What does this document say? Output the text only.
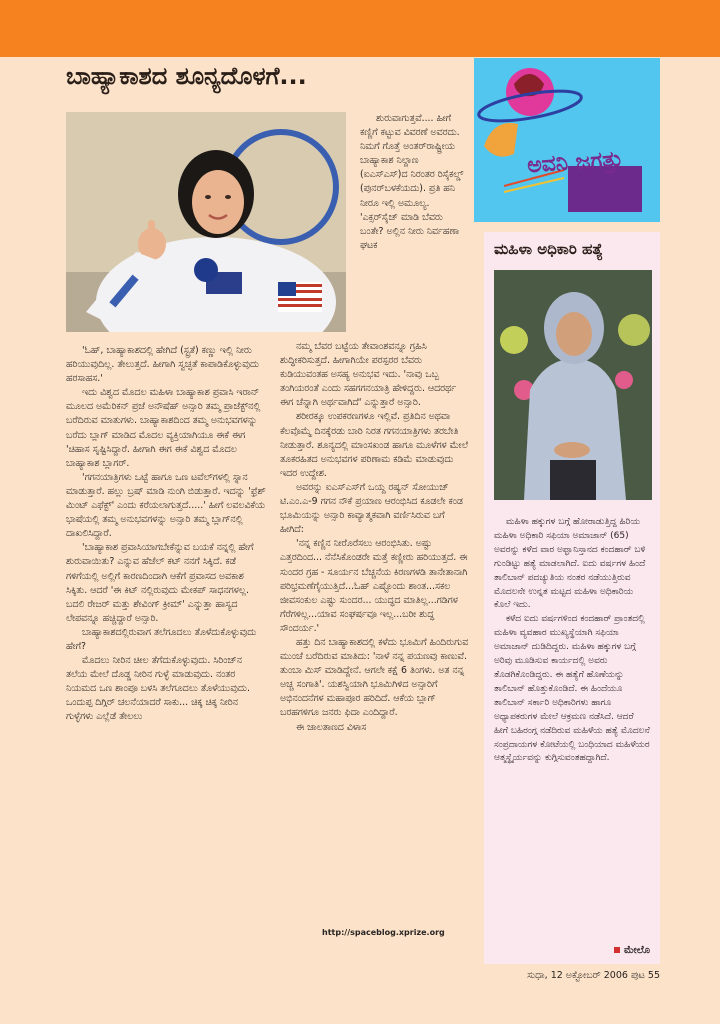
ಬಾಹ್ಯಾಕಾಶದ ಶೂನ್ಯದೊಳಗೆ...

'ಓಹ್, ಬಾಹ್ಯಾಕಾಶದಲ್ಲಿ ಹೇಗಿದೆ (ಸ್ಟ್ರತೆ) ಕಣ್ಣು ಇಲ್ಲಿ ನೀರು ಹರಿಯುವುದಿಲ್ಲ. ತೇಲುತ್ತದೆ. ಹೀಗಾಗಿ ಸ್ವಚ್ಛತೆ ಕಾಪಾಡಿಕೊಳ್ಳುವುದು ಹರಸಾಹಸ.'

ಇದು ವಿಶ್ವದ ಮೊದಲ ಮಹಿಳಾ ಬಾಹ್ಯಾಕಾಶ ಪ್ರವಾಸಿ ಇರಾನ್ ಮೂಲದ ಅಮೆರಿಕನ್ ಪ್ರಜೆ ಅನೌಷೆಹ್ ಅನ್ಸಾರಿ ತಮ್ಮ ಪ್ರಾಜೆಕ್ಟ್‌ನಲ್ಲಿ ಬರೆದಿರುವ ಮಾತುಗಳು. ಬಾಹ್ಯಾಕಾಶದಿಂದ ತಮ್ಮ ಅನುಭವಗಳನ್ನು ಬರೆದು ಬ್ಲಾಗ್ ಮಾಡಿದ ಮೊದಲ ವ್ಯಕ್ತಿಯಾಗಿಯೂ ಈಕೆ ಈಗ 'ಚಿಹಾಸ ಸೃಷ್ಟಿಸಿದ್ದಾರೆ. ಹೀಗಾಗಿ ಈಗ ಈಕೆ ವಿಶ್ವದ ಮೊದಲ ಬಾಹ್ಯಾಕಾಶ ಬ್ಲಾಗರ್.

'ಗಗನಯಾತ್ರಿಗಳು ಒಟ್ಟೆ ಹಾಗೂ ಒಣ ಟವೆಲ್‌ಗಳಲ್ಲಿ ಸ್ನಾನ ಮಾಡುತ್ತಾರೆ. ಹಲ್ಲು ಬ್ರಷ್ ಮಾಡಿ ನುಂಗಿ ಬಿಡುತ್ತಾರೆ. ಇದನ್ನು 'ಫ್ರೆಶ್ ಮಿಂಟ್ ಎಫೆಕ್ಟ್' ಎಂದು ಕರೆಯಲಾಗುತ್ತದೆ.....' ಹೀಗೆ ಲವಲವಿಕೆಯ ಭಾಷೆಯಲ್ಲಿ ತಮ್ಮ ಅನುಭವಗಳನ್ನು ಅನ್ಸಾರಿ ತಮ್ಮ ಬ್ಲಾಗ್‌ನಲ್ಲಿ ದಾಖಲಿಸಿದ್ದಾರೆ.

'ಬಾಹ್ಯಾಕಾಶ ಪ್ರವಾಸಿಯಾಗಬೇಕೆನ್ನುವ ಬಯಕೆ ನನ್ನಲ್ಲಿ ಹೇಗೆ ಶುರುವಾಯಿತು? ಎನ್ನುವ ಹೆಜೆಲ್ ಕಟ್ ನನಗೆ ಸಿಕ್ಕಿದೆ. ಕಡೆ ಗಳಿಗೆಯಲ್ಲಿ ಅಲ್ಲಿಗೆ ಕಾರಣದಿಂದಾಗಿ ಆಕೆಗೆ ಪ್ರವಾಸದ ಅವಕಾಶ ಸಿಕ್ಕಿತು. ಆದರೆ 'ಈ ಕಿಟ್ ನಲ್ಲಿರುವುದು ಮೇಕಪ್ ಸಾಧನಗಳಲ್ಲ. ಬದಲಿ ರೇಜರ್ ಮತ್ತು ಶೇವಿಂಗ್ ಕ್ರೀಮ್' ಎನ್ನುತ್ತಾ ಹಾಸ್ಯದ ಲೇಪವನ್ನೂ ಹಚ್ಚಿದ್ದಾರೆ ಅನ್ಸಾರಿ.

ಬಾಹ್ಯಾಕಾಶದಲ್ಲಿರುವಾಗ ತಲೆಗೂದಲು ತೊಳೆದುಕೊಳ್ಳುವುದು ಹೇಗೆ?

ಮೊದಲು ನೀರಿನ ಚೀಲ ತೆಗೆದುಕೊಳ್ಳುವುದು. ಸಿರಿಂಜ್‌ನ ತಲೆಯ ಮೇಲೆ ದೊಡ್ಡ ನೀರಿನ ಗುಳ್ಳೆ ಮಾಡುವುದು. ನಂತರ ನಿಯಮದ ಒಣ ಶಾಂಪೂ ಬಳಸಿ ತಲೆಗೂದಲು ತೊಳೆಯುವುದು. ಒಂದುಪ್ಪ ದಿಗ್ಗಿರ್ ಚಲನೆಯಾದರೆ ಸಾಕು... ಚಿಕ್ಕ ಚಿಕ್ಕ ನೀರಿನ ಗುಳ್ಳೆಗಳು ಎಲ್ಲೆಡೆ ತೇಲಲು

ಶುರುವಾಗುತ್ತವೆ.... ಹೀಗೆ ಕಣ್ಣಿಗೆ ಕಟ್ಟುವ ವಿವರಣೆ ಅವರದು. ನಿಮಗೆ ಗೊತ್ತೆ ಅಂತರ್‌ರಾಷ್ಟ್ರೀಯ ಬಾಹ್ಯಾಕಾಶ ನಿಲ್ದಾಣ (ಐಎಸ್‌ಎಸ್)ದ ನಿರಂತರ ರಿಸೈಕಲ್ಡ್ (ಪುನರ್‌ಬಳಕೆಯದು). ಪ್ರತಿ ಹನಿ ನೀರೂ ಇಲ್ಲಿ ಅಮೂಲ್ಯ. 'ಎಕ್ಸರ್‌ಸೈಜ್ ಮಾಡಿ ಬೆವರು ಬಂತೇ? ಅಲ್ಲಿನ ನೀರು ನಿರ್ವಹಣಾ ಘಟಕ

ನಮ್ಮ ಬೆವರ ಬಟ್ಟೆಯ ತೇವಾಂಶವನ್ನೂ ಗ್ರಹಿಸಿ ಶುದ್ಧೀಕರಿಸುತ್ತದೆ. ಹೀಗಾಗಿಯೇ ಪರಸ್ಪರರ ಬೆವರು ಕುಡಿಯುವಂತಹ ಅಸಹ್ಯ ಅನುಭವ ಇದು. 'ನಾವು ಒಬ್ಬ ತಂಗಿಯರಂತೆ ಎಂದು ಸಹಗಗನಯಾತ್ರಿ ಹೇಳಿದ್ದರು. ಆದರರ್ಥ ಈಗ ಚೆನ್ನಾಗಿ ಅರ್ಥವಾಗಿದೆ' ಎನ್ನುತ್ತಾರೆ ಅನ್ಸಾರಿ.

ಶರೀರಕ್ಕೂ ಉಪಕರಣಗಳೂ ಇಲ್ಲಿವೆ. ಪ್ರತಿದಿನ ಅಥವಾ ಕೆಲವೊಮ್ಮೆ ದಿನಕ್ಕೆರಡು ಬಾರಿ ನಿರತ ಗಗನಯಾತ್ರಿಗಳು ತರಬೇತಿ ನೀಡುತ್ತಾರೆ. ಶೂನ್ಯದಲ್ಲಿ ಮಾಂಸಖಂಡ ಹಾಗೂ ಮೂಳೆಗಳ ಮೇಲೆ ತೂಕರಹಿತದ ಅನುಭವಗಳ ಪರಿಣಾಮ ಕಡಿಮೆ ಮಾಡುವುದು ಇದರ ಉದ್ದೇಶ.

ಅವರನ್ನು ಐಎಸ್‌ಎಸ್‌ಗೆ ಒಯ್ದ ರಷ್ಯನ್ ಸೋಯುಜ್ ಟಿ.ಎಂ.ಎ-9 ಗಗನ ನೌಕೆ ಪ್ರಯಾಣ ಆರಂಭಿಸಿದ ಕೂಡಲೇ ಕಂಡ ಭೂಮಿಯನ್ನು ಅನ್ಸಾರಿ ಕಾವ್ಯಾತ್ಮಕವಾಗಿ ವರ್ಣಿಸಿರುವ ಬಗೆ ಹೀಗಿದೆ:

'ನನ್ನ ಕಣ್ಣಿನ ನೀರೊರೆಸಲು ಆರಂಭಿಸಿತು. ಅಷ್ಟು ಎತ್ತರದಿಂದ... ನೆನೆಸಿಕೊಂಡರೇ ಮತ್ತೆ ಕಣ್ಣೀರು ಹರಿಯುತ್ತದೆ. ಈ ಸುಂದರ ಗ್ರಹ - ಸೂರ್ಯನ ಬೆಚ್ಚನೆಯ ಕಿರಣಗಳಡಿ ತಾನೇ‌ತಾನಾಗಿ ಪರಿಭ್ರಮಣೆಗೈಯುತ್ತಿದೆ...ಓಹ್ ಎಷ್ಟೊಂದು ಶಾಂತ...ಸಕಲ ಜೀವಸಂಕುಲ ಎಷ್ಟು ಸುಂದರ... ಯುದ್ಧದ ಮಾತಿಲ್ಲ...ಗಡಿಗಳ ಗೆರೆಗಳಿಲ್ಲ...ಯಾವ ಸಂಘರ್ಷವೂ ಇಲ್ಲ...ಬರೀ ಶುದ್ಧ ಸೌಂದರ್ಯ.'

ಹತ್ತು ದಿನ ಬಾಹ್ಯಾಕಾಶದಲ್ಲಿ ಕಳೆದು ಭೂಮಿಗೆ ಹಿಂದಿರುಗುವ ಮುಂಚೆ ಬರೆದಿರುವ ಮಾತಿದು: 'ನಾಳೆ ನನ್ನ ಪಯಣವು ಕಾಣುವೆ. ತುಂಬಾ ಮಿಸ್ ಮಾಡಿದ್ದೇನೆ. ಆಗಲೇ ಕಕ್ಷೆ 6 ತಿಂಗಳು. ಅತ ನನ್ನ ಅಚ್ಚ ಸಂಗಾತಿ'. ಯಶಸ್ವಿಯಾಗಿ ಭೂಮಿಗಿಳಿದ ಅನ್ಸಾರಿಗೆ ಅಭಿನಂದನೆಗಳ ಮಹಾಪೂರ ಹರಿದಿದೆ. ಆಕೆಯ ಬ್ಲಾಗ್ ಬರಹಗಳಿಗೂ ಜನರು ಫಿದಾ ಎಂದಿದ್ದಾರೆ.

ಈ ಜಾಲತಾಣದ ವಿಳಾಸ

http://spaceblog.xprize.org
ಅವನಿ ಜಗತ್ತು
ಮಹಿಳಾ ಅಧಿಕಾರಿ ಹತ್ಯೆ

ಮಹಿಳಾ ಹಕ್ಕುಗಳ ಬಗ್ಗೆ ಹೋರಾಡುತ್ತಿದ್ದ ಹಿರಿಯ ಮಹಿಳಾ ಅಧಿಕಾರಿ ಸಫಿಯಾ ಅಮಾಜಾನ್ (65) ಅವರನ್ನು ಕಳೆದ ವಾರ ಅಫ್ಘಾನಿಸ್ತಾನದ ಕಂದಹಾರ್ ಬಳಿ ಗುಂಡಿಟ್ಟು ಹತ್ಯೆ ಮಾಡಲಾಗಿದೆ. ಐದು ವರ್ಷಗಳ ಹಿಂದೆ ತಾಲಿಬಾನ್ ಪದಚ್ಯುತಿಯ ನಂತರ ನಡೆಯುತ್ತಿರುವ ಮೊದಲನೇ ಉನ್ನತ ಮಟ್ಟದ ಮಹಿಳಾ ಅಧಿಕಾರಿಯ ಕೊಲೆ ಇದು.

ಕಳೆದ ಐದು ವರ್ಷಗಳಿಂದ ಕಂದಹಾರ್ ಪ್ರಾಂತದಲ್ಲಿ ಮಹಿಳಾ ವ್ಯವಹಾರ ಮುಖ್ಯಸ್ಥೆಯಾಗಿ ಸಫಿಯಾ ಅಮಾಜಾನ್ ದುಡಿದಿದ್ದರು. ಮಹಿಳಾ ಹಕ್ಕುಗಳ ಬಗ್ಗೆ ಅರಿವು ಮೂಡಿಸುವ ಕಾರ್ಯದಲ್ಲಿ ಅವರು ತೊಡಗಿಕೊಂಡಿದ್ದರು. ಈ ಹತ್ಯೆಗೆ ಹೊಣೆಯನ್ನು ತಾಲಿಬಾನ್ ಹೊತ್ತುಕೊಂಡಿದೆ. ಈ ಹಿಂದೆಯೂ ತಾಲಿಬಾನ್ ಸರ್ಕಾರಿ ಅಧಿಕಾರಿಗಳು ಹಾಗೂ ಅಧ್ಯಾಪಕರುಗಳ ಮೇಲೆ ಆಕ್ರಮಣ ನಡೆಸಿದೆ. ಆದರೆ ಹೀಗೆ ಬಹಿರಂಗ್ಗ ನಡೆದಿರುವ ಮಹಿಳೆಯ ಹತ್ಯೆ ಮೊದಲನೆ ಸಂಪ್ರದಾಯಗಳ ಕೋಟೆಯಲ್ಲಿ ಬಂಧಿಯಾದ ಮಹಿಳೆಯರ ಆತ್ಮಸ್ಥೈರ್ಯವನ್ನು ಕುಗ್ಗಿಸುವಂತಹದ್ದಾಗಿದೆ.

ಮೇಲೊ
ಸುಧಾ, 12 ಅಕ್ಟೋಬರ್ 2006 ಪುಟ 55
